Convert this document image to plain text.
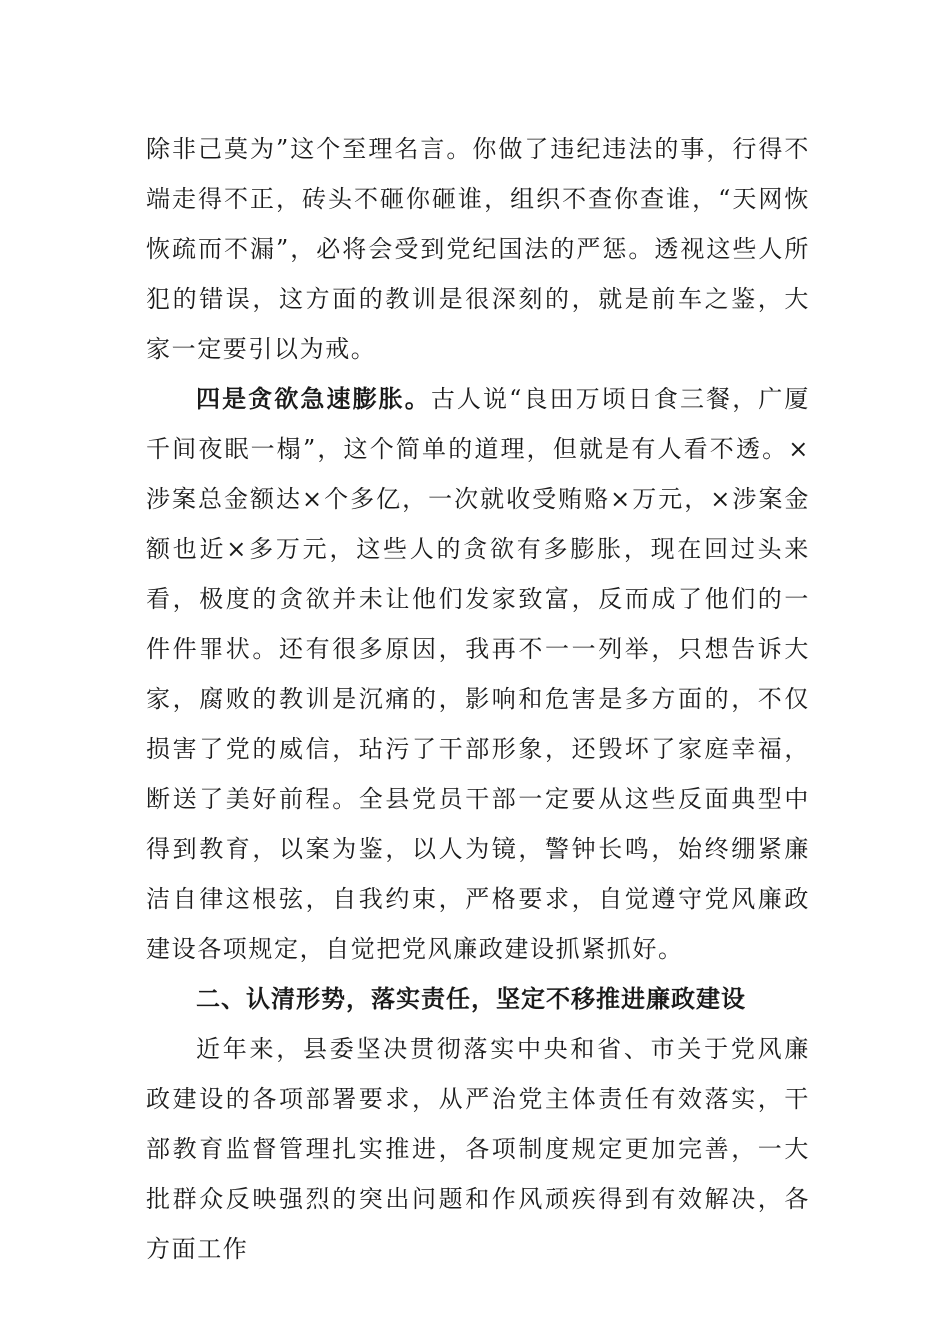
除非己莫为”这个至理名言。你做了违纪违法的事，行得不端走得不正，砖头不砸你砸谁，组织不查你查谁，“天网恢恢疏而不漏”，必将会受到党纪国法的严惩。透视这些人所犯的错误，这方面的教训是很深刻的，就是前车之鉴，大家一定要引以为戒。

四是贪欲急速膨胀。古人说“良田万顷日食三餐，广厦千间夜眠一榻”，这个简单的道理，但就是有人看不透。×涉案总金额达×个多亿，一次就收受贿赂×万元，×涉案金额也近×多万元，这些人的贪欲有多膨胀，现在回过头来看，极度的贪欲并未让他们发家致富，反而成了他们的一件件罪状。还有很多原因，我再不一一列举，只想告诉大家，腐败的教训是沉痛的，影响和危害是多方面的，不仅损害了党的威信，玷污了干部形象，还毁坏了家庭幸福，断送了美好前程。全县党员干部一定要从这些反面典型中得到教育，以案为鉴，以人为镜，警钟长鸣，始终绷紧廉洁自律这根弦，自我约束，严格要求，自觉遵守党风廉政建设各项规定，自觉把党风廉政建设抓紧抓好。

二、认清形势，落实责任，坚定不移推进廉政建设

近年来，县委坚决贯彻落实中央和省、市关于党风廉政建设的各项部署要求，从严治党主体责任有效落实，干部教育监督管理扎实推进，各项制度规定更加完善，一大批群众反映强烈的突出问题和作风顽疾得到有效解决，各方面工作
